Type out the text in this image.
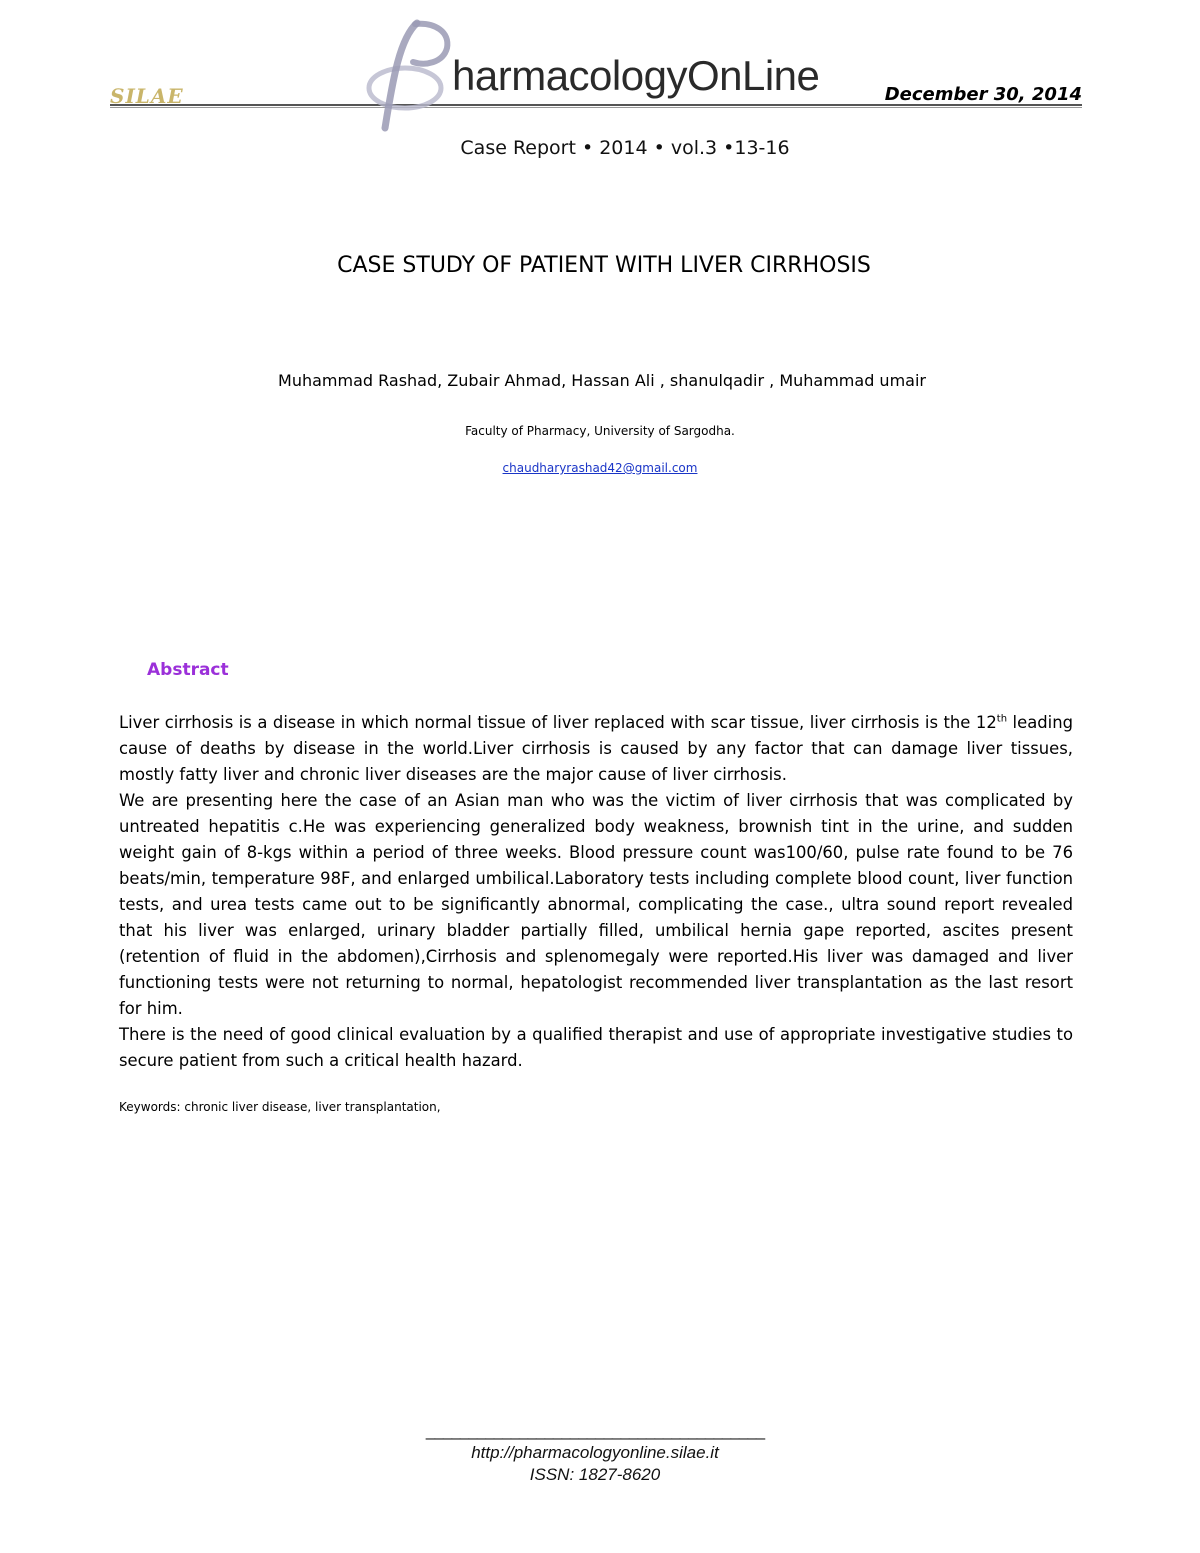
SILAE	harmacologyOnLine	December 30, 2014
Case Report • 2014 • vol.3 •13-16
CASE STUDY OF PATIENT WITH LIVER CIRRHOSIS
Muhammad Rashad, Zubair Ahmad, Hassan Ali , shanulqadir , Muhammad umair
Faculty of Pharmacy, University of Sargodha.
chaudharyrashad42@gmail.com
Abstract

Liver cirrhosis is a disease in which normal tissue of liver replaced with scar tissue, liver cirrhosis is the 12th leading cause of deaths by disease in the world.Liver cirrhosis is caused by any factor that can damage liver tissues, mostly fatty liver and chronic liver diseases are the major cause of liver cirrhosis.

We are presenting here the case of an Asian man who was the victim of liver cirrhosis that was complicated by untreated hepatitis c.He was experiencing generalized body weakness, brownish tint in the urine, and sudden weight gain of 8-kgs within a period of three weeks. Blood pressure count was100/60, pulse rate found to be 76 beats/min, temperature 98F, and enlarged umbilical.Laboratory tests including complete blood count, liver function tests, and urea tests came out to be significantly abnormal, complicating the case., ultra sound report revealed that his liver was enlarged, urinary bladder partially filled, umbilical hernia gape reported, ascites present (retention of fluid in the abdomen),Cirrhosis and splenomegaly were reported.His liver was damaged and liver functioning tests were not returning to normal, hepatologist recommended liver transplantation as the last resort for him.

There is the need of good clinical evaluation by a qualified therapist and use of appropriate investigative studies to secure patient from such a critical health hazard.

Keywords: chronic liver disease, liver transplantation,
________________________________________
http://pharmacologyonline.silae.it
ISSN: 1827-8620
